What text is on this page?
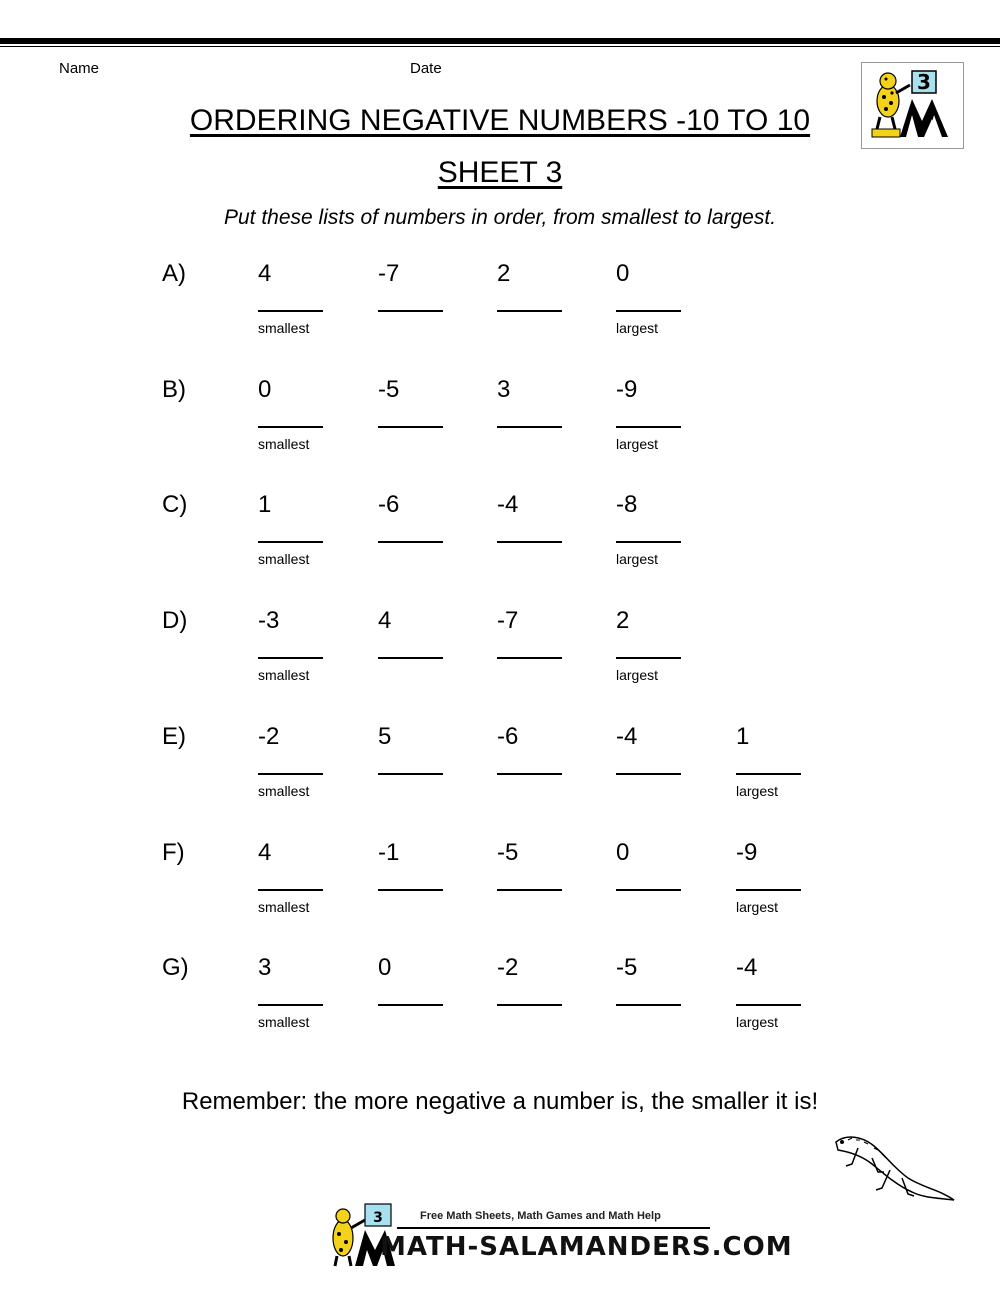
Name	Date
3
ORDERING NEGATIVE NUMBERS -10 TO 10
SHEET 3
Put these lists of numbers in order, from smallest to largest.
A)	4	-7	2	0
smallest	largest
B)	0	-5	3	-9
smallest	largest
C)	1	-6	-4	-8
smallest	largest
D)	-3	4	-7	2
smallest	largest
E)	-2	5	-6	-4	1
smallest	largest
F)	4	-1	-5	0	-9
smallest	largest
G)	3	0	-2	-5	-4
smallest	largest
Remember: the more negative a number is, the smaller it is!
3	Free Math Sheets, Math Games and Math Help
MATH-SALAMANDERS.COM
